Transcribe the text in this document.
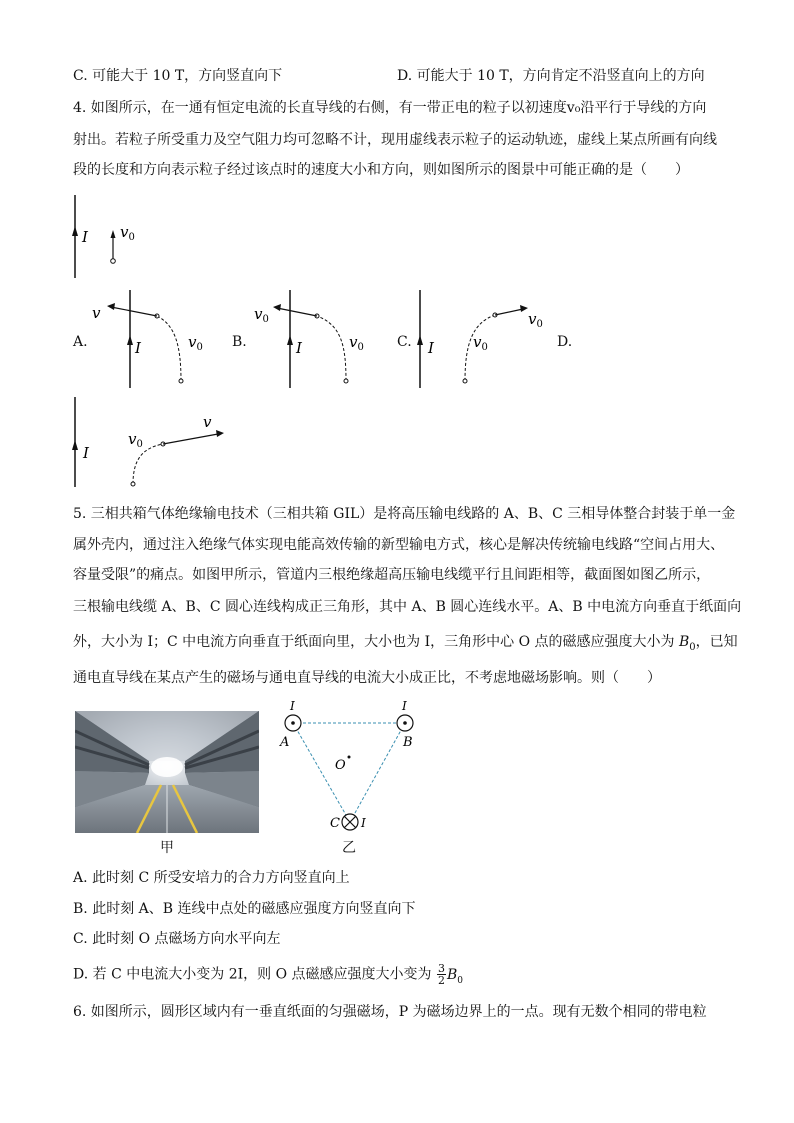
C. 可能大于 10 T，方向竖直向下	D. 可能大于 10 T，方向肯定不沿竖直向上的方向
4. 如图所示，在一通有恒定电流的长直导线的右侧，有一带正电的粒子以初速度v₀沿平行于导线的方向
射出。若粒子所受重力及空气阻力均可忽略不计，现用虚线表示粒子的运动轨迹，虚线上某点所画有向线
段的长度和方向表示粒子经过该点时的速度大小和方向，则如图所示的图景中可能正确的是（　　）
I $v_0$
A.	I
v
$v_0$ B.	I
$v_0$
$v_0$ C. I
$v_0$
$v_0$	D.
I
v
$v_0$
5. 三相共箱气体绝缘输电技术（三相共箱 GIL）是将高压输电线路的 A、B、C 三相导体整合封装于单一金
属外壳内，通过注入绝缘气体实现电能高效传输的新型输电方式，核心是解决传统输电线路“空间占用大、
容量受限”的痛点。如图甲所示，管道内三根绝缘超高压输电线缆平行且间距相等，截面图如图乙所示，
三根输电线缆 A、B、C 圆心连线构成正三角形，其中 A、B 圆心连线水平。A、B 中电流方向垂直于纸面向
外，大小为 I；C 中电流方向垂直于纸面向里，大小也为 I，三角形中心 O 点的磁感应强度大小为 $B_0$，已知
通电直导线在某点产生的磁场与通电直导线的电流大小成正比，不考虑地磁场影响。则（　　）
甲
I	I
A	B
C I
O
乙
A. 此时刻 C 所受安培力的合力方向竖直向上
B. 此时刻 A、B 连线中点处的磁感应强度方向竖直向下
C. 此时刻 O 点磁场方向水平向左
D. 若 C 中电流大小变为 2I，则 O 点磁感应强度大小变为 $\frac{3}{2} B_0$
6. 如图所示，圆形区域内有一垂直纸面的匀强磁场，P 为磁场边界上的一点。现有无数个相同的带电粒
